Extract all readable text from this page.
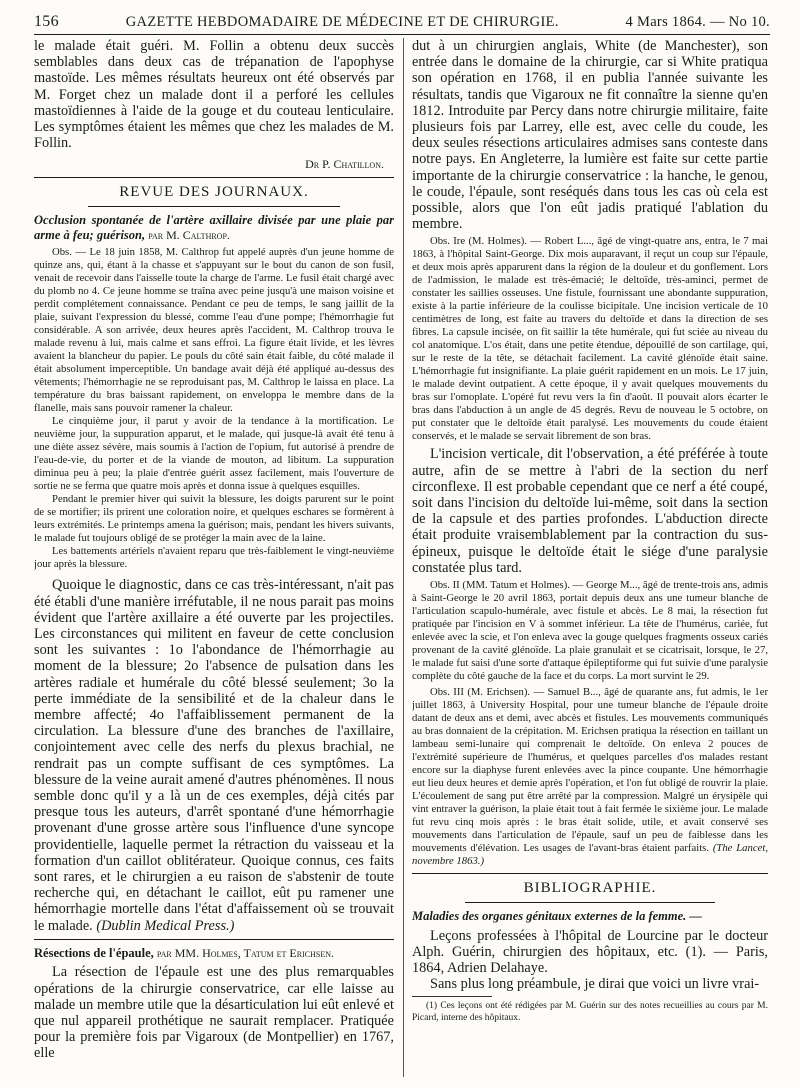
156	GAZETTE HEBDOMADAIRE DE MÉDECINE ET DE CHIRURGIE.	4 Mars 1864. — No 10.

le malade était guéri. M. Follin a obtenu deux succès semblables dans deux cas de trépanation de l'apophyse mastoïde. Les mêmes résultats heureux ont été observés par M. Forget chez un malade dont il a perforé les cellules mastoïdiennes à l'aide de la gouge et du couteau lenticulaire. Les symptômes étaient les mêmes que chez les malades de M. Follin.

Dr P. Chatillon.
REVUE DES JOURNAUX.
Occlusion spontanée de l'artère axillaire divisée par une plaie par arme à feu; guérison, par M. Calthrop.

Obs. — Le 18 juin 1858, M. Calthrop fut appelé auprès d'un jeune homme de quinze ans, qui, étant à la chasse et s'appuyant sur le bout du canon de son fusil, venait de recevoir dans l'aisselle toute la charge de l'arme. Le fusil était chargé avec du plomb no 4. Ce jeune homme se traîna avec peine jusqu'à une maison voisine et perdit complétement connaissance. Pendant ce peu de temps, le sang jaillit de la plaie, suivant l'expression du blessé, comme l'eau d'une pompe; l'hémorrhagie fut considérable. A son arrivée, deux heures après l'accident, M. Calthrop trouva le malade revenu à lui, mais calme et sans effroi. La figure était livide, et les lèvres avaient la blancheur du papier. Le pouls du côté sain était faible, du côté malade il était absolument imperceptible. Un bandage avait déjà été appliqué au-dessus des vêtements; l'hémorrhagie ne se reproduisant pas, M. Calthrop le laissa en place. La température du bras baissant rapidement, on enveloppa le membre dans de la flanelle, mais sans pouvoir ramener la chaleur.

Le cinquième jour, il parut y avoir de la tendance à la mortification. Le neuvième jour, la suppuration apparut, et le malade, qui jusque-là avait été tenu à une diète assez sévère, mais soumis à l'action de l'opium, fut autorisé à prendre de l'eau-de-vie, du porter et de la viande de mouton, ad libitum. La suppuration diminua peu à peu; la plaie d'entrée guérit assez facilement, mais l'ouverture de sortie ne se ferma que quatre mois après et donna issue à quelques esquilles.

Pendant le premier hiver qui suivit la blessure, les doigts parurent sur le point de se mortifier; ils prirent une coloration noire, et quelques eschares se formèrent à leurs extrémités. Le printemps amena la guérison; mais, pendant les hivers suivants, le malade fut toujours obligé de se protéger la main avec de la laine.

Les battements artériels n'avaient reparu que très-faiblement le vingt-neuvième jour après la blessure.

Quoique le diagnostic, dans ce cas très-intéressant, n'ait pas été établi d'une manière irréfutable, il ne nous parait pas moins évident que l'artère axillaire a été ouverte par les projectiles. Les circonstances qui militent en faveur de cette conclusion sont les suivantes : 1o l'abondance de l'hémorrhagie au moment de la blessure; 2o l'absence de pulsation dans les artères radiale et humérale du côté blessé seulement; 3o la perte immédiate de la sensibilité et de la chaleur dans le membre affecté; 4o l'affaiblissement permanent de la circulation. La blessure d'une des branches de l'axillaire, conjointement avec celle des nerfs du plexus brachial, ne rendrait pas un compte suffisant de ces symptômes. La blessure de la veine aurait amené d'autres phénomènes. Il nous semble donc qu'il y a là un de ces exemples, déjà cités par presque tous les auteurs, d'arrêt spontané d'une hémorrhagie provenant d'une grosse artère sous l'influence d'une syncope providentielle, laquelle permet la rétraction du vaisseau et la formation d'un caillot oblitérateur. Quoique connus, ces faits sont rares, et le chirurgien a eu raison de s'abstenir de toute recherche qui, en détachant le caillot, eût pu ramener une hémorrhagie mortelle dans l'état d'affaissement où se trouvait le malade. (Dublin Medical Press.)

Résections de l'épaule, par MM. Holmes, Tatum et Erichsen.

La résection de l'épaule est une des plus remarquables opérations de la chirurgie conservatrice, car elle laisse au malade un membre utile que la désarticulation lui eût enlevé et que nul appareil prothétique ne saurait remplacer. Pratiquée pour la première fois par Vigaroux (de Montpellier) en 1767, elle

dut à un chirurgien anglais, White (de Manchester), son entrée dans le domaine de la chirurgie, car si White pratiqua son opération en 1768, il en publia l'année suivante les résultats, tandis que Vigaroux ne fit connaître la sienne qu'en 1812. Introduite par Percy dans notre chirurgie militaire, faite plusieurs fois par Larrey, elle est, avec celle du coude, les deux seules résections articulaires admises sans conteste dans notre pays. En Angleterre, la lumière est faite sur cette partie importante de la chirurgie conservatrice : la hanche, le genou, le coude, l'épaule, sont reséqués dans tous les cas où cela est possible, alors que l'on eût jadis pratiqué l'ablation du membre.

Obs. Ire (M. Holmes). — Robert L..., âgé de vingt-quatre ans, entra, le 7 mai 1863, à l'hôpital Saint-George. Dix mois auparavant, il reçut un coup sur l'épaule, et deux mois après apparurent dans la région de la douleur et du gonflement. Lors de l'admission, le malade est très-émacié; le deltoïde, très-aminci, permet de constater les saillies osseuses. Une fistule, fournissant une abondante suppuration, existe à la partie inférieure de la coulisse bicipitale. Une incision verticale de 10 centimètres de long, est faite au travers du deltoïde et dans la direction de ses fibres. La capsule incisée, on fit saillir la tête humérale, qui fut sciée au niveau du col anatomique. L'os était, dans une petite étendue, dépouillé de son cartilage, qui, sur le reste de la tête, se détachait facilement. La cavité glénoïde était saine. L'hémorrhagie fut insignifiante. La plaie guérit rapidement en un mois. Le 17 juin, le malade devint outpatient. A cette époque, il y avait quelques mouvements du bras sur l'omoplate. L'opéré fut revu vers la fin d'août. Il pouvait alors écarter le bras dans l'abduction à un angle de 45 degrés. Revu de nouveau le 5 octobre, on put constater que le deltoïde était paralysé. Les mouvements du coude étaient conservés, et le malade se servait librement de son bras.

L'incision verticale, dit l'observation, a été préférée à toute autre, afin de se mettre à l'abri de la section du nerf circonflexe. Il est probable cependant que ce nerf a été coupé, soit dans l'incision du deltoïde lui-même, soit dans la section de la capsule et des parties profondes. L'abduction directe était produite vraisemblablement par la contraction du sus-épineux, puisque le deltoïde était le siége d'une paralysie constatée plus tard.

Obs. II (MM. Tatum et Holmes). — George M..., âgé de trente-trois ans, admis à Saint-George le 20 avril 1863, portait depuis deux ans une tumeur blanche de l'articulation scapulo-humérale, avec fistule et abcès. Le 8 mai, la résection fut pratiquée par l'incision en V à sommet inférieur. La tête de l'humérus, cariée, fut enlevée avec la scie, et l'on enleva avec la gouge quelques fragments osseux cariés provenant de la cavité glénoïde. La plaie granulait et se cicatrisait, lorsque, le 27, le malade fut saisi d'une sorte d'attaque épileptiforme qui fut suivie d'une paralysie complète du côté gauche de la face et du corps. La mort survint le 29.

Obs. III (M. Erichsen). — Samuel B..., âgé de quarante ans, fut admis, le 1er juillet 1863, à University Hospital, pour une tumeur blanche de l'épaule droite datant de deux ans et demi, avec abcès et fistules. Les mouvements communiqués au bras donnaient de la crépitation. M. Erichsen pratiqua la résection en taillant un lambeau semi-lunaire qui comprenait le deltoïde. On enleva 2 pouces de l'extrémité supérieure de l'humérus, et quelques parcelles d'os malades restant encore sur la diaphyse furent enlevées avec la pince coupante. Une hémorrhagie eut lieu deux heures et demie après l'opération, et l'on fut obligé de rouvrir la plaie. L'écoulement de sang put être arrêté par la compression. Malgré un érysipèle qui vint entraver la guérison, la plaie était tout à fait fermée le sixième jour. Le malade fut revu cinq mois après : le bras était solide, utile, et avait conservé ses mouvements dans l'articulation de l'épaule, sauf un peu de faiblesse dans les mouvements d'élévation. Les usages de l'avant-bras étaient parfaits. (The Lancet, novembre 1863.)

BIBLIOGRAPHIE.
Maladies des organes génitaux externes de la femme. —

Leçons professées à l'hôpital de Lourcine par le docteur Alph. Guérin, chirurgien des hôpitaux, etc. (1). — Paris, 1864, Adrien Delahaye.

Sans plus long préambule, je dirai que voici un livre vrai-

(1) Ces leçons ont été rédigées par M. Guérin sur des notes recueillies au cours par M. Picard, interne des hôpitaux.
